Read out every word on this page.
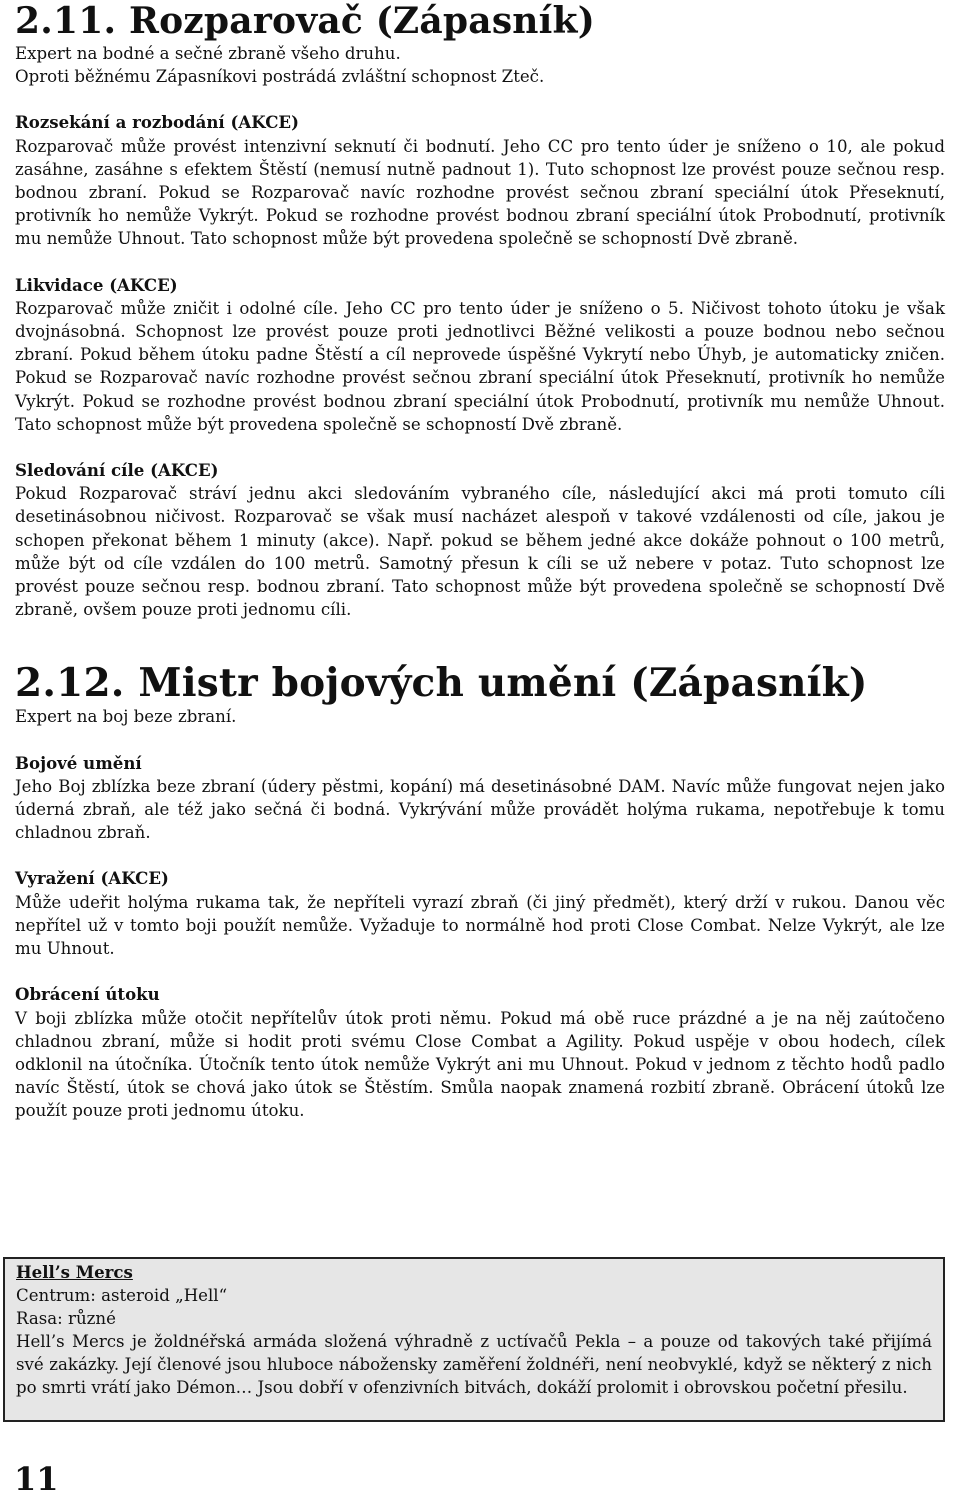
2.11. Rozparovač (Zápasník)

Expert na bodné a sečné zbraně všeho druhu.

Oproti běžnému Zápasníkovi postrádá zvláštní schopnost Zteč.

Rozsekání a rozbodání (AKCE)

Rozparovač může provést intenzivní seknutí či bodnutí. Jeho CC pro tento úder je sníženo o 10, ale pokud zasáhne, zasáhne s efektem Štěstí (nemusí nutně padnout 1). Tuto schopnost lze provést pouze sečnou resp. bodnou zbraní. Pokud se Rozparovač navíc rozhodne provést sečnou zbraní speciální útok Přeseknutí, protivník ho nemůže Vykrýt. Pokud se rozhodne provést bodnou zbraní speciální útok Probodnutí, protivník mu nemůže Uhnout. Tato schopnost může být provedena společně se schopností Dvě zbraně.

Likvidace (AKCE)

Rozparovač může zničit i odolné cíle. Jeho CC pro tento úder je sníženo o 5. Ničivost tohoto útoku je však dvojnásobná. Schopnost lze provést pouze proti jednotlivci Běžné velikosti a pouze bodnou nebo sečnou zbraní. Pokud během útoku padne Štěstí a cíl neprovede úspěšné Vykrytí nebo Úhyb, je automaticky zničen. Pokud se Rozparovač navíc rozhodne provést sečnou zbraní speciální útok Přeseknutí, protivník ho nemůže Vykrýt. Pokud se rozhodne provést bodnou zbraní speciální útok Probodnutí, protivník mu nemůže Uhnout. Tato schopnost může být provedena společně se schopností Dvě zbraně.

Sledování cíle (AKCE)

Pokud Rozparovač stráví jednu akci sledováním vybraného cíle, následující akci má proti tomuto cíli desetinásobnou ničivost. Rozparovač se však musí nacházet alespoň v takové vzdálenosti od cíle, jakou je schopen překonat během 1 minuty (akce). Např. pokud se během jedné akce dokáže pohnout o 100 metrů, může být od cíle vzdálen do 100 metrů. Samotný přesun k cíli se už nebere v potaz. Tuto schopnost lze provést pouze sečnou resp. bodnou zbraní. Tato schopnost může být provedena společně se schopností Dvě zbraně, ovšem pouze proti jednomu cíli.

2.12. Mistr bojových umění (Zápasník)

Expert na boj beze zbraní.

Bojové umění

Jeho Boj zblízka beze zbraní (údery pěstmi, kopání) má desetinásobné DAM. Navíc může fungovat nejen jako úderná zbraň, ale též jako sečná či bodná. Vykrývání může provádět holýma rukama, nepotřebuje k tomu chladnou zbraň.

Vyražení (AKCE)

Může udeřit holýma rukama tak, že nepříteli vyrazí zbraň (či jiný předmět), který drží v rukou. Danou věc nepřítel už v tomto boji použít nemůže. Vyžaduje to normálně hod proti Close Combat. Nelze Vykrýt, ale lze mu Uhnout.

Obrácení útoku

V boji zblízka může otočit nepřítelův útok proti němu. Pokud má obě ruce prázdné a je na něj zaútočeno chladnou zbraní, může si hodit proti svému Close Combat a Agility. Pokud uspěje v obou hodech, cílek odklonil na útočníka. Útočník tento útok nemůže Vykrýt ani mu Uhnout. Pokud v jednom z těchto hodů padlo navíc Štěstí, útok se chová jako útok se Štěstím. Smůla naopak znamená rozbití zbraně. Obrácení útoků lze použít pouze proti jednomu útoku.

Hell’s Mercs

Centrum: asteroid „Hell“

Rasa: různé

Hell’s Mercs je žoldnéřská armáda složená výhradně z uctívačů Pekla – a pouze od takových také přijímá své zakázky. Její členové jsou hluboce nábožensky zaměření žoldnéři, není neobvyklé, když se některý z nich po smrti vrátí jako Démon… Jsou dobří v ofenzivních bitvách, dokáží prolomit i obrovskou početní přesilu.

11
